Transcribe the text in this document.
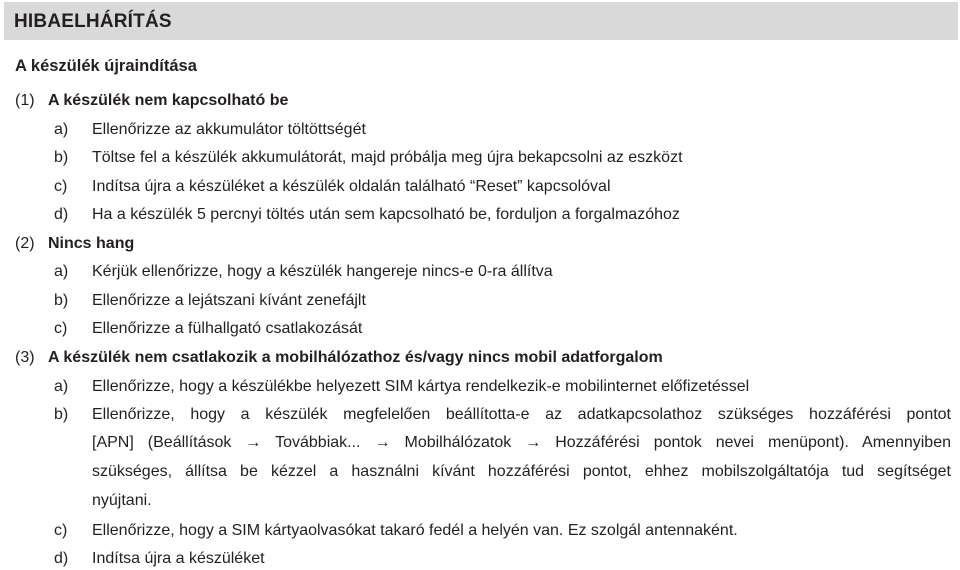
HIBAELHÁRÍTÁS
A készülék újraindítása
(1) A készülék nem kapcsolható be
a) Ellenőrizze az akkumulátor töltöttségét
b) Töltse fel a készülék akkumulátorát, majd próbálja meg újra bekapcsolni az eszközt
c) Indítsa újra a készüléket a készülék oldalán található “Reset” kapcsolóval
d) Ha a készülék 5 percnyi töltés után sem kapcsolható be, forduljon a forgalmazóhoz
(2) Nincs hang
a) Kérjük ellenőrizze, hogy a készülék hangereje nincs-e 0-ra állítva
b) Ellenőrizze a lejátszani kívánt zenefájlt
c) Ellenőrizze a fülhallgató csatlakozását
(3) A készülék nem csatlakozik a mobilhálózathoz és/vagy nincs mobil adatforgalom
a) Ellenőrizze, hogy a készülékbe helyezett SIM kártya rendelkezik-e mobilinternet előfizetéssel
b) Ellenőrizze, hogy a készülék megfelelően beállította-e az adatkapcsolathoz szükséges hozzáférési pontot
[APN] (Beállítások → Továbbiak... → Mobilhálózatok → Hozzáférési pontok nevei menüpont). Amennyiben
szükséges, állítsa be kézzel a használni kívánt hozzáférési pontot, ehhez mobilszolgáltatója tud segítséget
nyújtani.
c) Ellenőrizze, hogy a SIM kártyaolvasókat takaró fedél a helyén van. Ez szolgál antennaként.
d) Indítsa újra a készüléket
